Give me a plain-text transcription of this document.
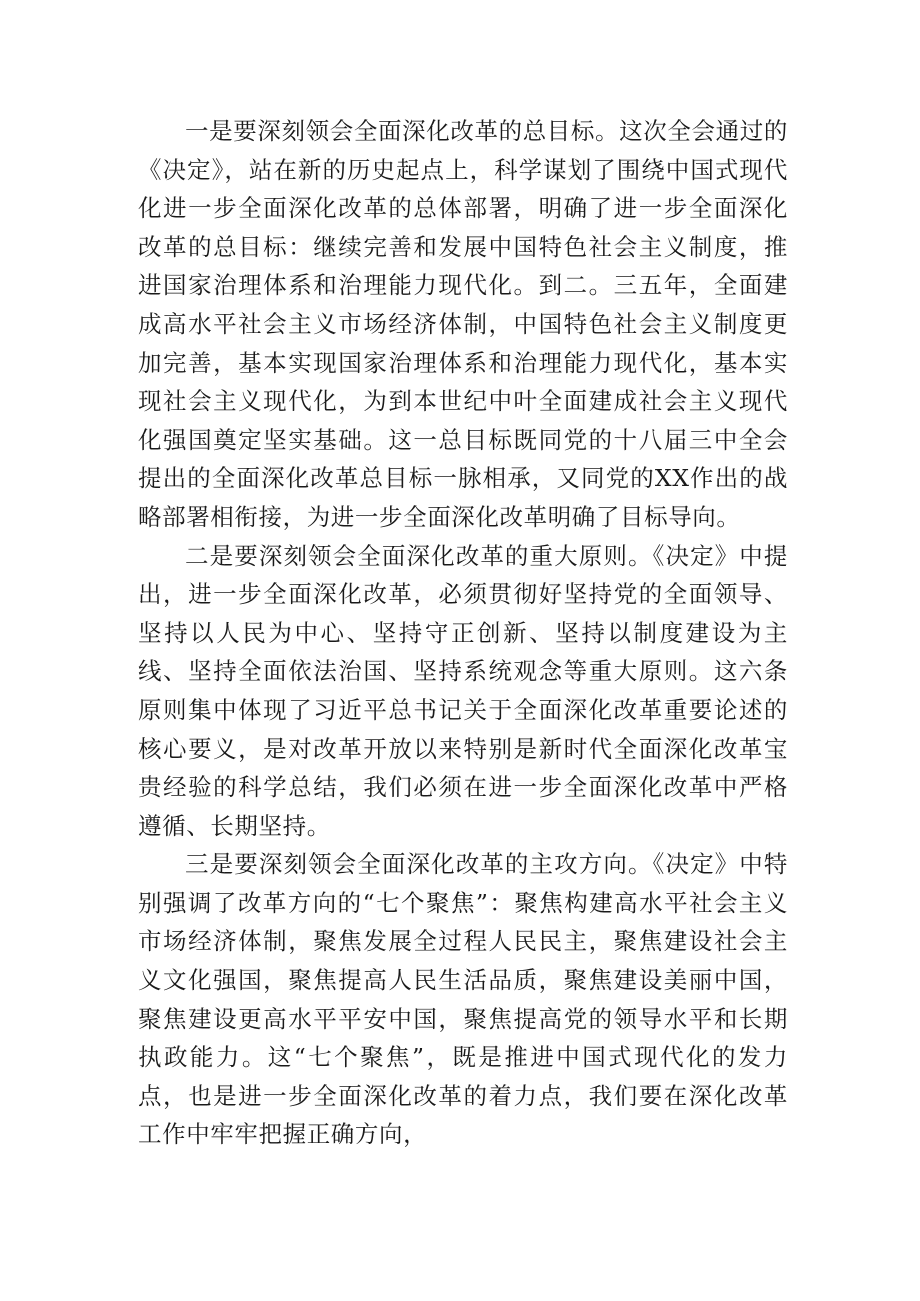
一是要深刻领会全面深化改革的总目标。这次全会通过的《决定》，站在新的历史起点上，科学谋划了围绕中国式现代化进一步全面深化改革的总体部署，明确了进一步全面深化改革的总目标：继续完善和发展中国特色社会主义制度，推进国家治理体系和治理能力现代化。到二。三五年，全面建成高水平社会主义市场经济体制，中国特色社会主义制度更加完善，基本实现国家治理体系和治理能力现代化，基本实现社会主义现代化，为到本世纪中叶全面建成社会主义现代化强国奠定坚实基础。这一总目标既同党的十八届三中全会提出的全面深化改革总目标一脉相承，又同党的XX作出的战略部署相衔接，为进一步全面深化改革明确了目标导向。

二是要深刻领会全面深化改革的重大原则。《决定》中提出，进一步全面深化改革，必须贯彻好坚持党的全面领导、坚持以人民为中心、坚持守正创新、坚持以制度建设为主线、坚持全面依法治国、坚持系统观念等重大原则。这六条原则集中体现了习近平总书记关于全面深化改革重要论述的核心要义，是对改革开放以来特别是新时代全面深化改革宝贵经验的科学总结，我们必须在进一步全面深化改革中严格遵循、长期坚持。

三是要深刻领会全面深化改革的主攻方向。《决定》中特别强调了改革方向的“七个聚焦”：聚焦构建高水平社会主义市场经济体制，聚焦发展全过程人民民主，聚焦建设社会主义文化强国，聚焦提高人民生活品质，聚焦建设美丽中国，聚焦建设更高水平平安中国，聚焦提高党的领导水平和长期执政能力。这“七个聚焦”，既是推进中国式现代化的发力点，也是进一步全面深化改革的着力点，我们要在深化改革工作中牢牢把握正确方向，
